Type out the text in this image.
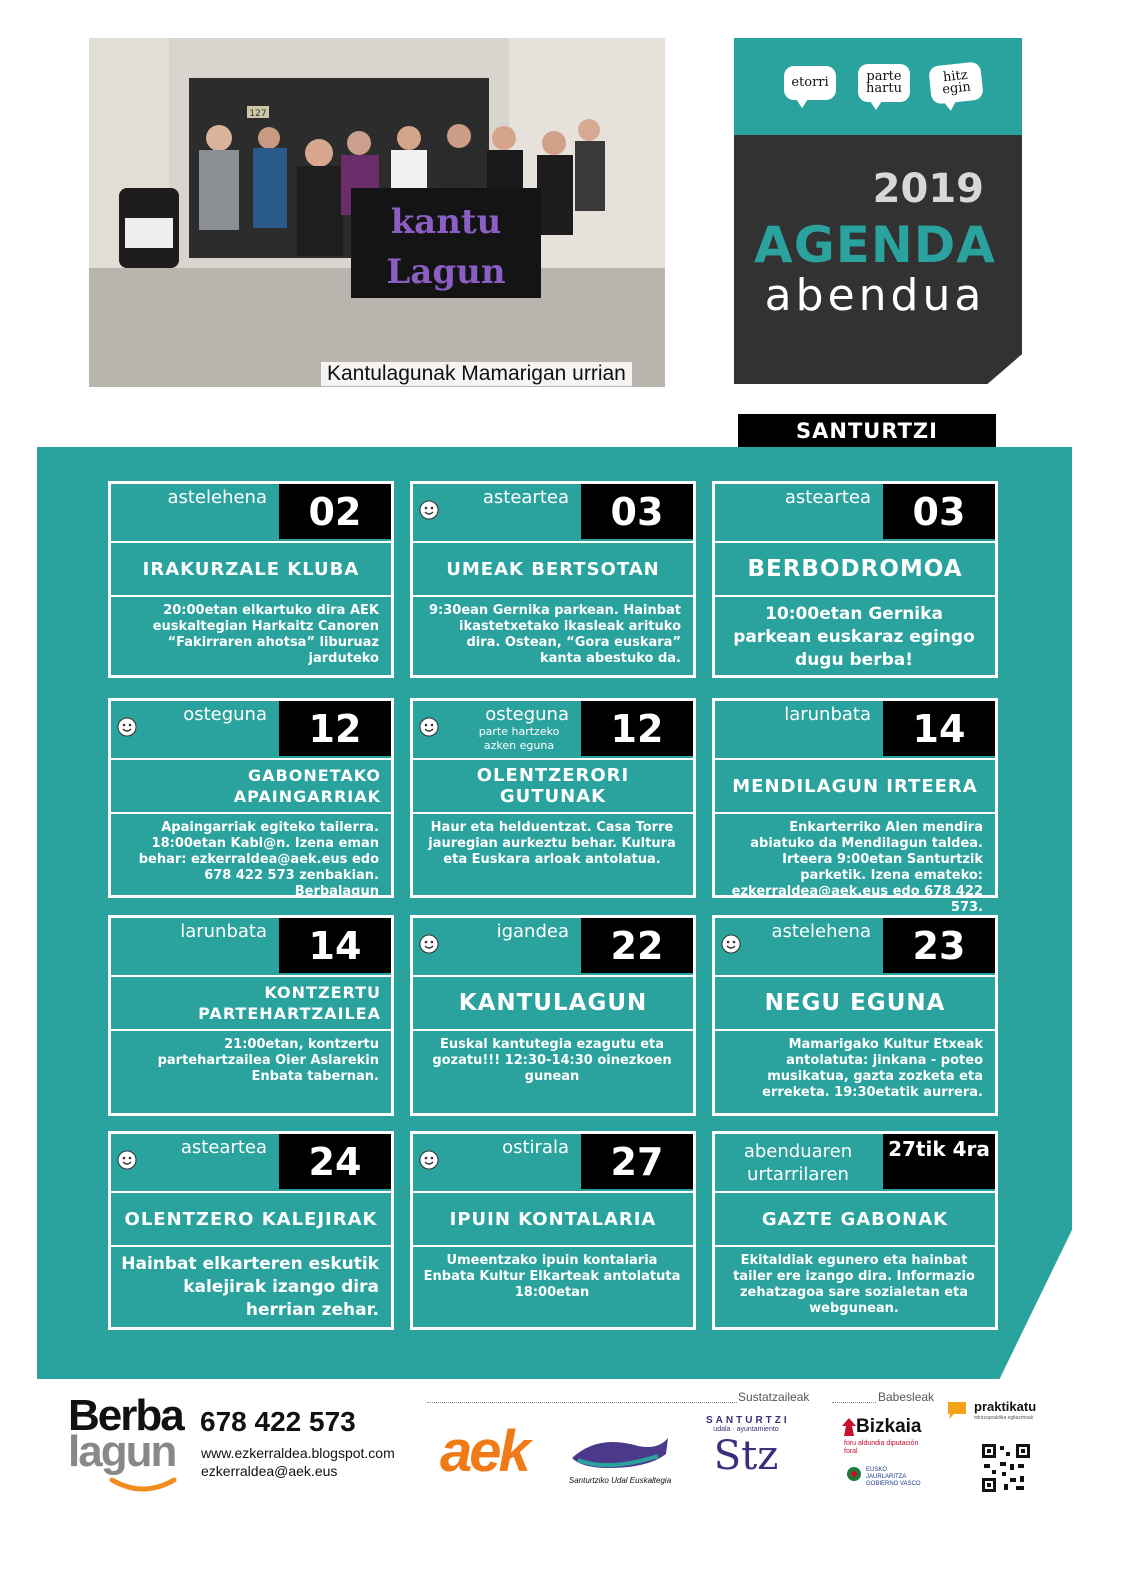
127
kantu
Lagun
Kantulagunak Mamarigan urrian
etorri	parte hartu
hitz egin
2019
AGENDA
abendua
SANTURTZI
astelehena	02
IRAKURZALE KLUBA
20:00etan elkartuko dira AEK euskaltegian Harkaitz Canoren “Fakirraren ahotsa” liburuaz jarduteko
asteartea	03
UMEAK BERTSOTAN
9:30ean Gernika parkean. Hainbat ikastetxetako ikasleak arituko dira. Ostean, “Gora euskara” kanta abestuko da.
asteartea	03
BERBODROMOA
10:00etan Gernika parkean euskaraz egingo dugu berba!
osteguna	12
GABONETAKO APAINGARRIAK
Apaingarriak egiteko tailerra. 18:00etan Kabl@n. Izena eman behar: ezkerraldea@aek.eus edo 678 422 573 zenbakian. Berbalagun
osteguna
parte hartzeko azken eguna	12
OLENTZERORI GUTUNAK
Haur eta helduentzat. Casa Torre jauregian aurkeztu behar. Kultura eta Euskara arloak antolatua.
larunbata	14
MENDILAGUN IRTEERA
Enkarterriko Alen mendira abiatuko da Mendilagun taldea. Irteera 9:00etan Santurtzik parketik. Izena emateko: ezkerraldea@aek.eus edo 678 422 573.
larunbata	14
KONTZERTU PARTEHARTZAILEA
21:00etan, kontzertu partehartzailea Oier Aslarekin Enbata tabernan.
igandea	22
KANTULAGUN
Euskal kantutegia ezagutu eta gozatu!!! 12:30-14:30 oinezkoen gunean
astelehena	23
NEGU EGUNA
Mamarigako Kultur Etxeak antolatuta: jinkana - poteo musikatua, gazta zozketa eta erreketa. 19:30etatik aurrera.
asteartea	24
OLENTZERO KALEJIRAK
Hainbat elkarteren eskutik kalejirak izango dira herrian zehar.
ostirala	27
IPUIN KONTALARIA
Umeentzako ipuin kontalaria Enbata Kultur Elkarteak antolatuta 18:00etan
abenduaren urtarrilaren
27tik 4ra
GAZTE GABONAK
Ekitaldiak egunero eta hainbat tailer ere izango dira. Informazio zehatzagoa sare sozialetan eta webgunean.
Berba
lagun
678 422 573
www.ezkerraldea.blogspot.com
ezkerraldea@aek.eus
Sustatzaileak	Babesleak
aek	Santurtziko Udal Euskaltegia
SANTURTZI
udala · ayuntamiento
Stz
Bizkaia
foru aldundia diputación foral
EUSKO JAURLARITZA GOBIERNO VASCO
praktikatu
mintzapraktika egitasmoak
